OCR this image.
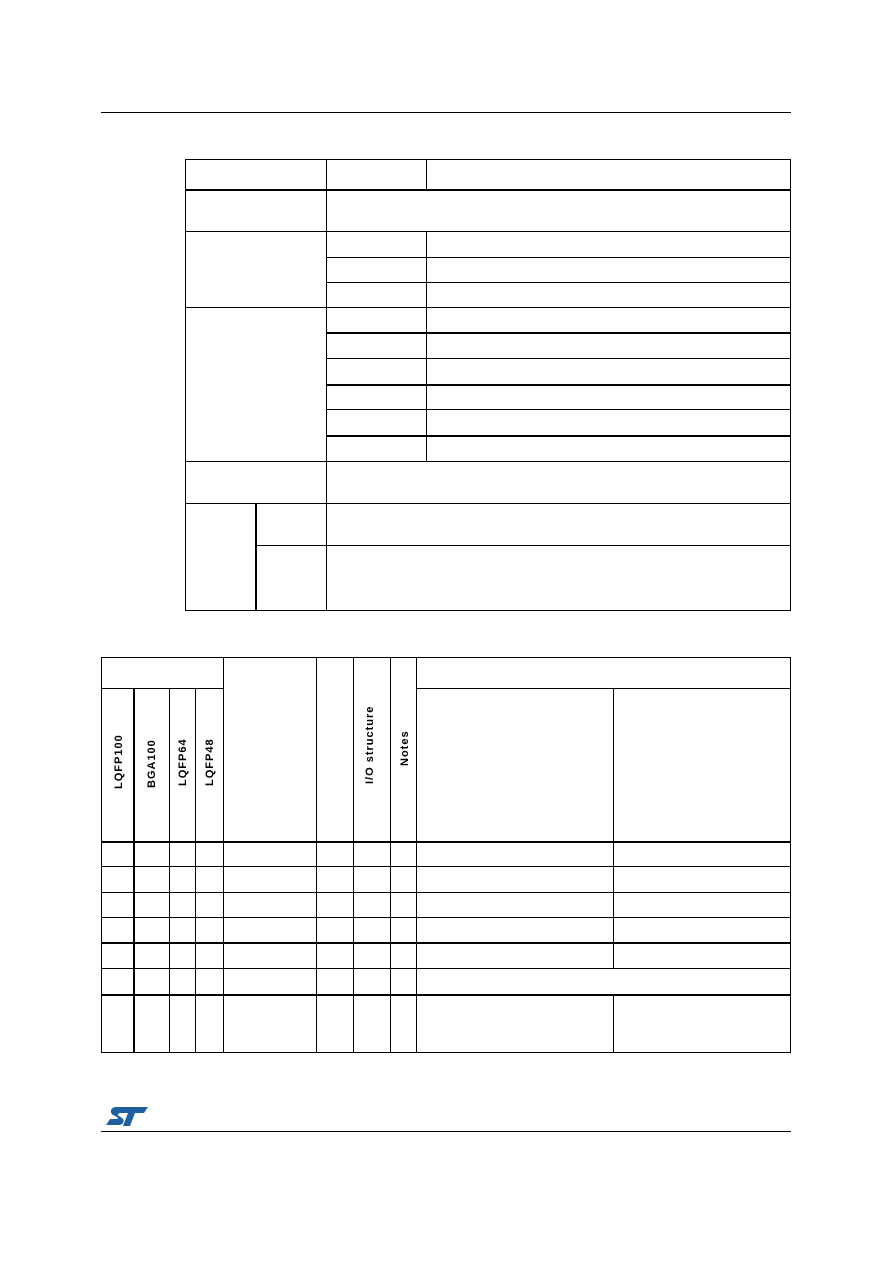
LQFP100 BGA100 LQFP64 LQFP48	I/O structure Notes
